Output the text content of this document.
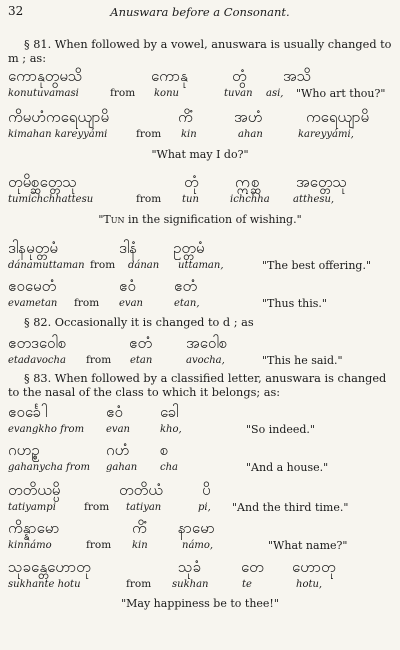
32	Anuswara before a Consonant.
§ 81. When followed by a vowel, anuswara is usually changed to m ; as:
ကောနုတွမသိ	ကောနု	တွံ အသိ
konutuvamasi	from konu	tuvan asi, "Who art thou?"
ကိမဟံကရေယျာမိ	ကိံ	အဟံ	ကရေယျာမိ
kimahan kareyyámi	from kin	ahan	kareyyámi,
"What may I do?"
တုမိစ္ဆတ္တေသု	တုံ ဣစ္ဆ အတ္တေသု
tumichchhattesu	from tun	ichchha atthesu,
"Tun in the signification of wishing."
ဒါနမုတ္တမံ	ဒါနံ ဥတ္တမံ
dánamuttaman from dánan uttaman,	"The best offering."
ဧဝမေတံ	ဧဝံ	ဧတံ
evametan from evan	etan,	"Thus this."
§ 82. Occasionally it is changed to d ; as
ဧတဒဝေါစ	ဧတံ အဝေါစ
etadavocha from etan	avocha,	"This he said."
§ 83. When followed by a classified letter, anuswara is changed to the nasal of the class to which it belongs; as:
ဧဝင်္ခေါ	ဧဝံ ခေါ
evangkho from evan	kho,	"So indeed."
ဂဟဉ္စ	ဂဟံ စ
gahanycha from gahan cha	"And a house."
တတိယမ္ပိ	တတိယံ	ပိ
tatiyampi	from tatiyan	pi, "And the third time."
ကိန္နာမော	ကိံ နာမော
kinnámo	from kin	námo,	"What name?"
သုခန္တေဟောတု	သုခံ	တေ ဟောတု
sukhante hotu	from sukhan	te	hotu,
"May happiness be to thee!"
